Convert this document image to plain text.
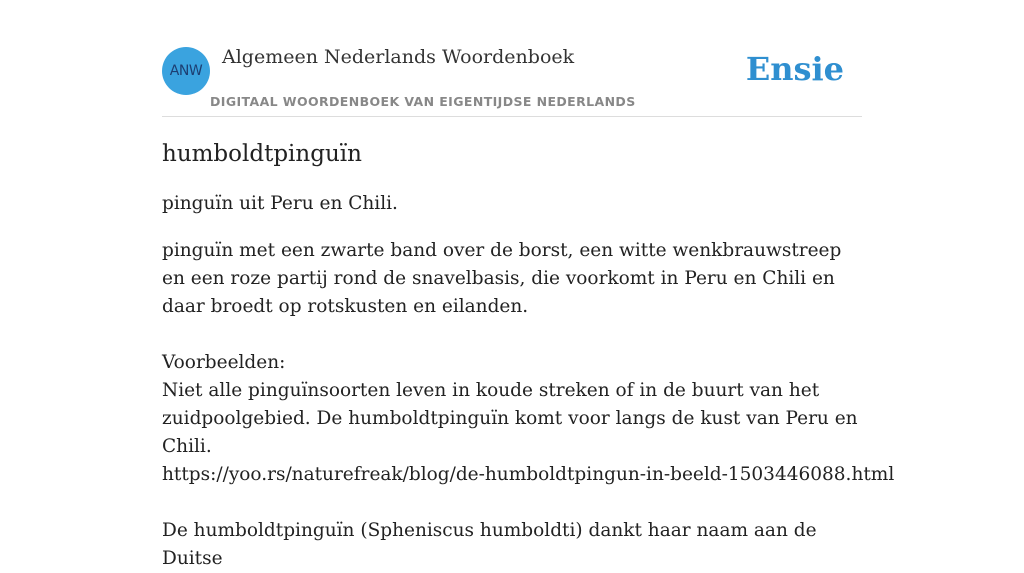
ANW
Algemeen Nederlands Woordenboek
DIGITAAL WOORDENBOEK VAN EIGENTIJDSE NEDERLANDS
Ensie
humboldtpinguïn

pinguïn uit Peru en Chili.

pinguïn met een zwarte band over de borst, een witte wenkbrauwstreep en een roze partij rond de snavelbasis, die voorkomt in Peru en Chili en daar broedt op rotskusten en eilanden.

Voorbeelden:

Niet alle pinguïnsoorten leven in koude streken of in de buurt van het zuidpoolgebied. De humboldtpinguïn komt voor langs de kust van Peru en Chili.

https://yoo.rs/naturefreak/blog/de-humboldtpingun-in-beeld-1503446088.html

De humboldtpinguïn (Spheniscus humboldti) dankt haar naam aan de Duitse
